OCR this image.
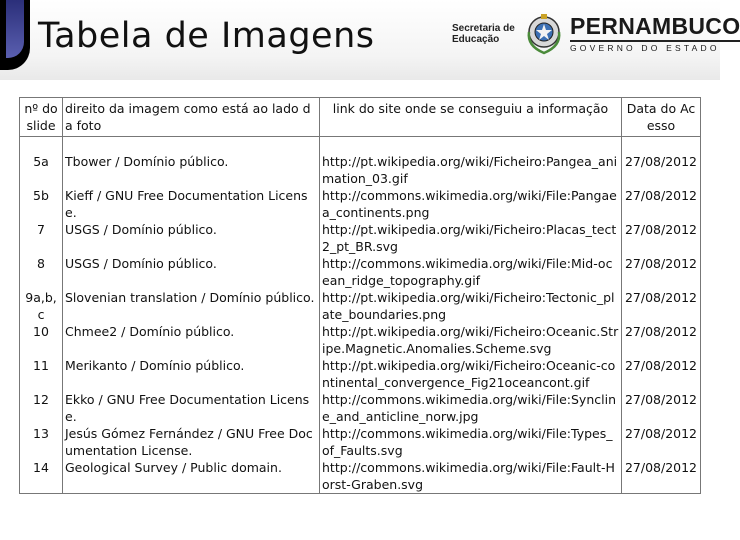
Tabela de Imagens	Secretaria de Educação
PERNAMBUCO
GOVERNO DO ESTADO
nº do slide	direito da imagem como está ao lado da foto	link do site onde se conseguiu a informação	Data do Acesso
5a	Tbower / Domínio público.	http://pt.wikipedia.org/wiki/Ficheiro:Pangea_animation_03.gif	27/08/2012
5b	Kieff / GNU Free Documentation License.	http://commons.wikimedia.org/wiki/File:Pangaea_continents.png	27/08/2012
7	USGS / Domínio público.	http://pt.wikipedia.org/wiki/Ficheiro:Placas_tect2_pt_BR.svg	27/08/2012
8	USGS / Domínio público.	http://commons.wikimedia.org/wiki/File:Mid-ocean_ridge_topography.gif	27/08/2012
9a,b,c	Slovenian translation / Domínio público.	http://pt.wikipedia.org/wiki/Ficheiro:Tectonic_plate_boundaries.png	27/08/2012
10	Chmee2 / Domínio público.	http://pt.wikipedia.org/wiki/Ficheiro:Oceanic.Stripe.Magnetic.Anomalies.Scheme.svg	27/08/2012
11	Merikanto / Domínio público.	http://pt.wikipedia.org/wiki/Ficheiro:Oceanic-continental_convergence_Fig21oceancont.gif	27/08/2012
12	Ekko / GNU Free Documentation License.	http://commons.wikimedia.org/wiki/File:Syncline_and_anticline_norw.jpg	27/08/2012
13	Jesús Gómez Fernández / GNU Free Documentation License.	http://commons.wikimedia.org/wiki/File:Types_of_Faults.svg	27/08/2012
14	Geological Survey / Public domain.	http://commons.wikimedia.org/wiki/File:Fault-Horst-Graben.svg	27/08/2012
